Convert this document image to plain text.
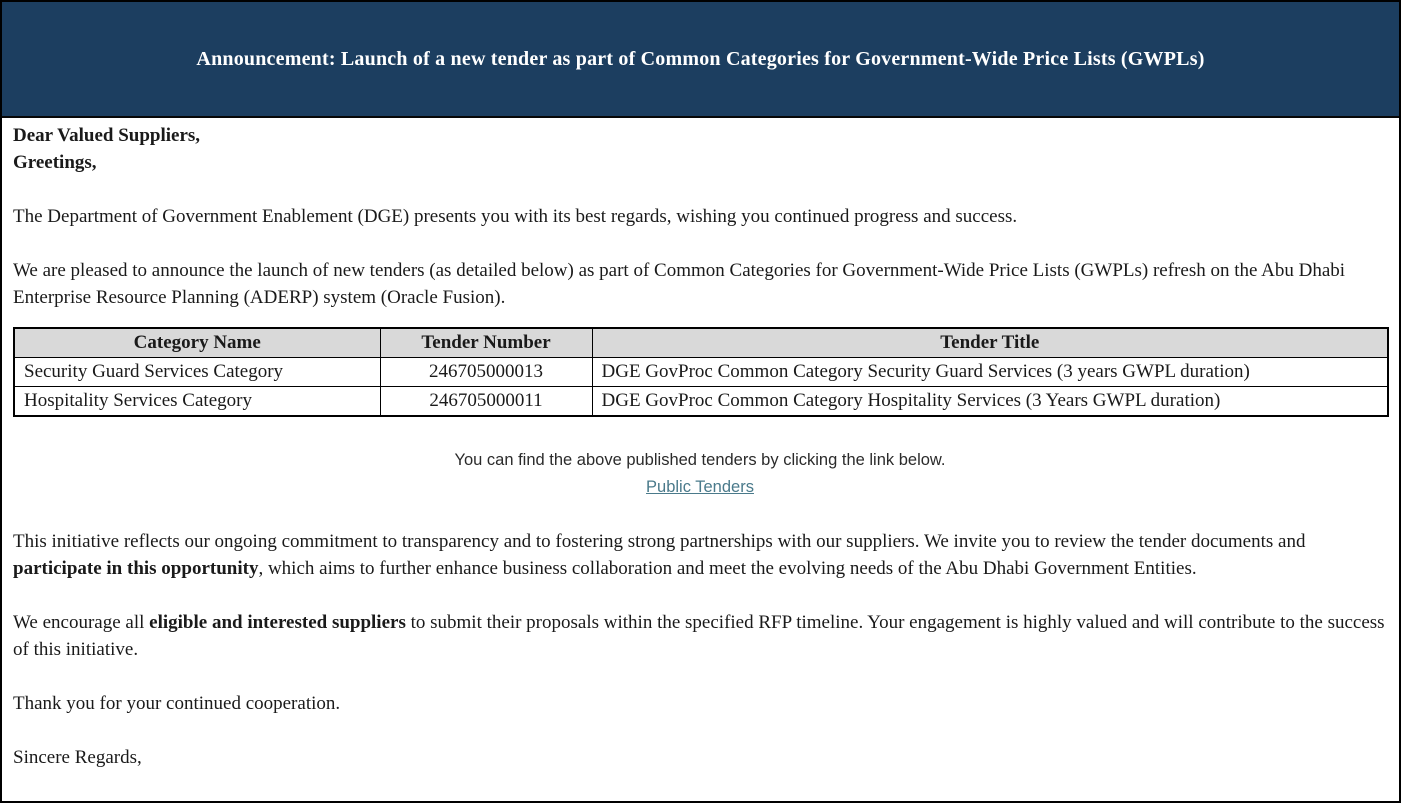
Announcement: Launch of a new tender as part of Common Categories for Government-Wide Price Lists (GWPLs)
Dear Valued Suppliers,
Greetings,

The Department of Government Enablement (DGE) presents you with its best regards, wishing you continued progress and success.

We are pleased to announce the launch of new tenders (as detailed below) as part of Common Categories for Government-Wide Price Lists (GWPLs) refresh on the Abu Dhabi Enterprise Resource Planning (ADERP) system (Oracle Fusion).

Category Name	Tender Number	Tender Title
Security Guard Services Category	246705000013	DGE GovProc Common Category Security Guard Services (3 years GWPL duration)
Hospitality Services Category	246705000011	DGE GovProc Common Category Hospitality Services (3 Years GWPL duration)
You can find the above published tenders by clicking the link below.
Public Tenders

This initiative reflects our ongoing commitment to transparency and to fostering strong partnerships with our suppliers. We invite you to review the tender documents and participate in this opportunity, which aims to further enhance business collaboration and meet the evolving needs of the Abu Dhabi Government Entities.

We encourage all eligible and interested suppliers to submit their proposals within the specified RFP timeline. Your engagement is highly valued and will contribute to the success of this initiative.

Thank you for your continued cooperation.

Sincere Regards,
